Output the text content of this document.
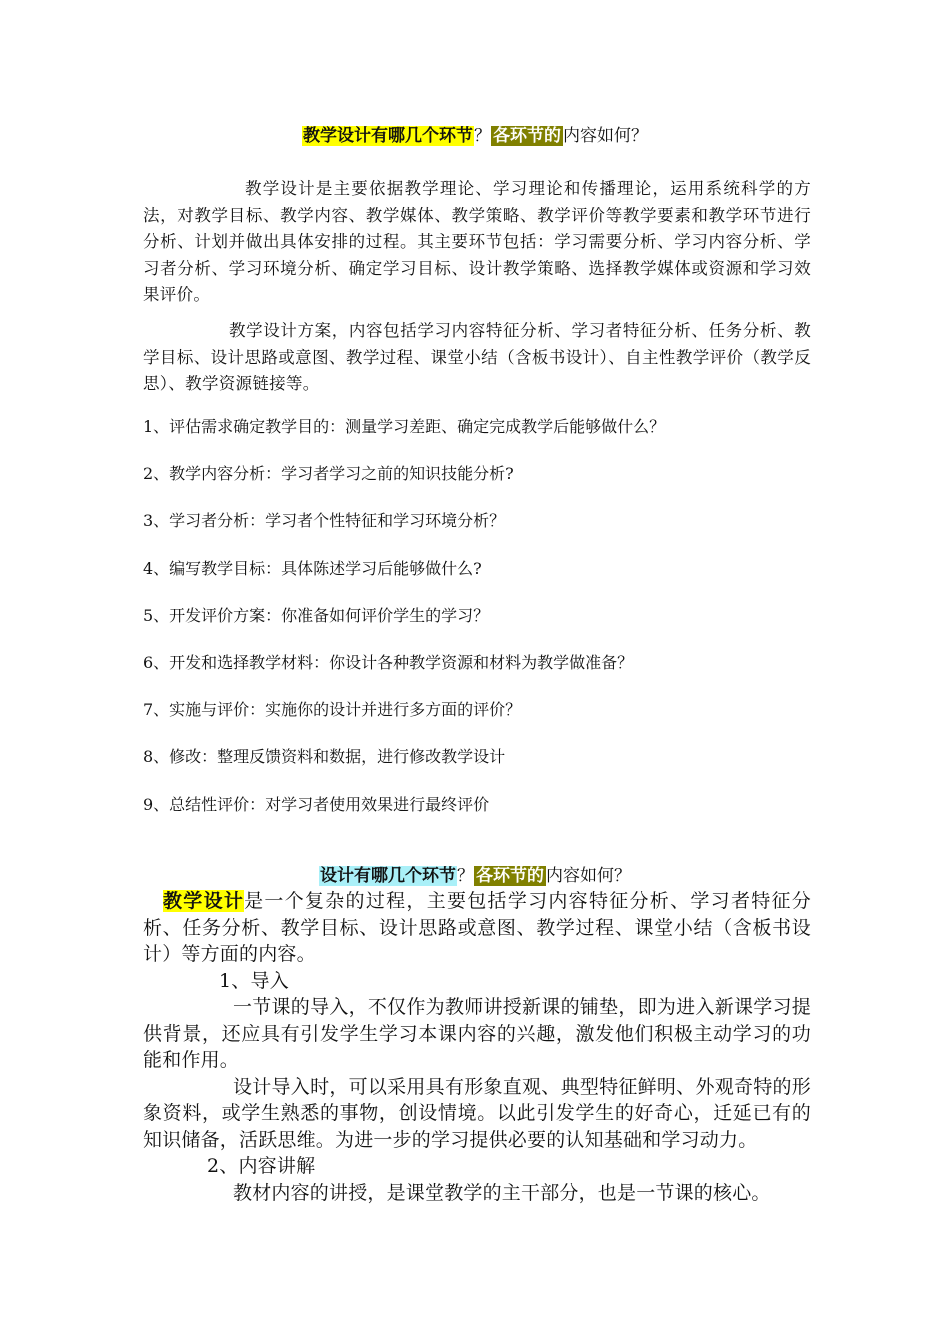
教学设计有哪几个环节？ 各环节的 内容如何？
教学设计是主要依据教学理论、学习理论和传播理论，运用系统科学的方法，对教学目标、教学内容、教学媒体、教学策略、教学评价等教学要素和教学环节进行分析、计划并做出具体安排的过程。其主要环节包括：学习需要分析、学习内容分析、学习者分析、学习环境分析、确定学习目标、设计教学策略、选择教学媒体或资源和学习效果评价。
教学设计方案，内容包括学习内容特征分析、学习者特征分析、任务分析、教学目标、设计思路或意图、教学过程、课堂小结（含板书设计）、自主性教学评价（教学反思）、教学资源链接等。
1、评估需求确定教学目的：测量学习差距、确定完成教学后能够做什么？
2、教学内容分析：学习者学习之前的知识技能分析?
3、学习者分析：学习者个性特征和学习环境分析？
4、编写教学目标：具体陈述学习后能够做什么?
5、开发评价方案：你准备如何评价学生的学习？
6、开发和选择教学材料：你设计各种教学资源和材料为教学做准备？
7、实施与评价：实施你的设计并进行多方面的评价？
8、修改：整理反馈资料和数据，进行修改教学设计
9、总结性评价：对学习者使用效果进行最终评价
设计有哪几个环节？ 各环节的 内容如何？
教学设计是一个复杂的过程，主要包括学习内容特征分析、学习者特征分析、任务分析、教学目标、设计思路或意图、教学过程、课堂小结（含板书设计）等方面的内容。
1、导入
一节课的导入，不仅作为教师讲授新课的铺垫，即为进入新课学习提供背景，还应具有引发学生学习本课内容的兴趣，激发他们积极主动学习的功能和作用。
设计导入时，可以采用具有形象直观、典型特征鲜明、外观奇特的形象资料，或学生熟悉的事物，创设情境。以此引发学生的好奇心，迁延已有的知识储备，活跃思维。为进一步的学习提供必要的认知基础和学习动力。
2、内容讲解
教材内容的讲授，是课堂教学的主干部分，也是一节课的核心。
